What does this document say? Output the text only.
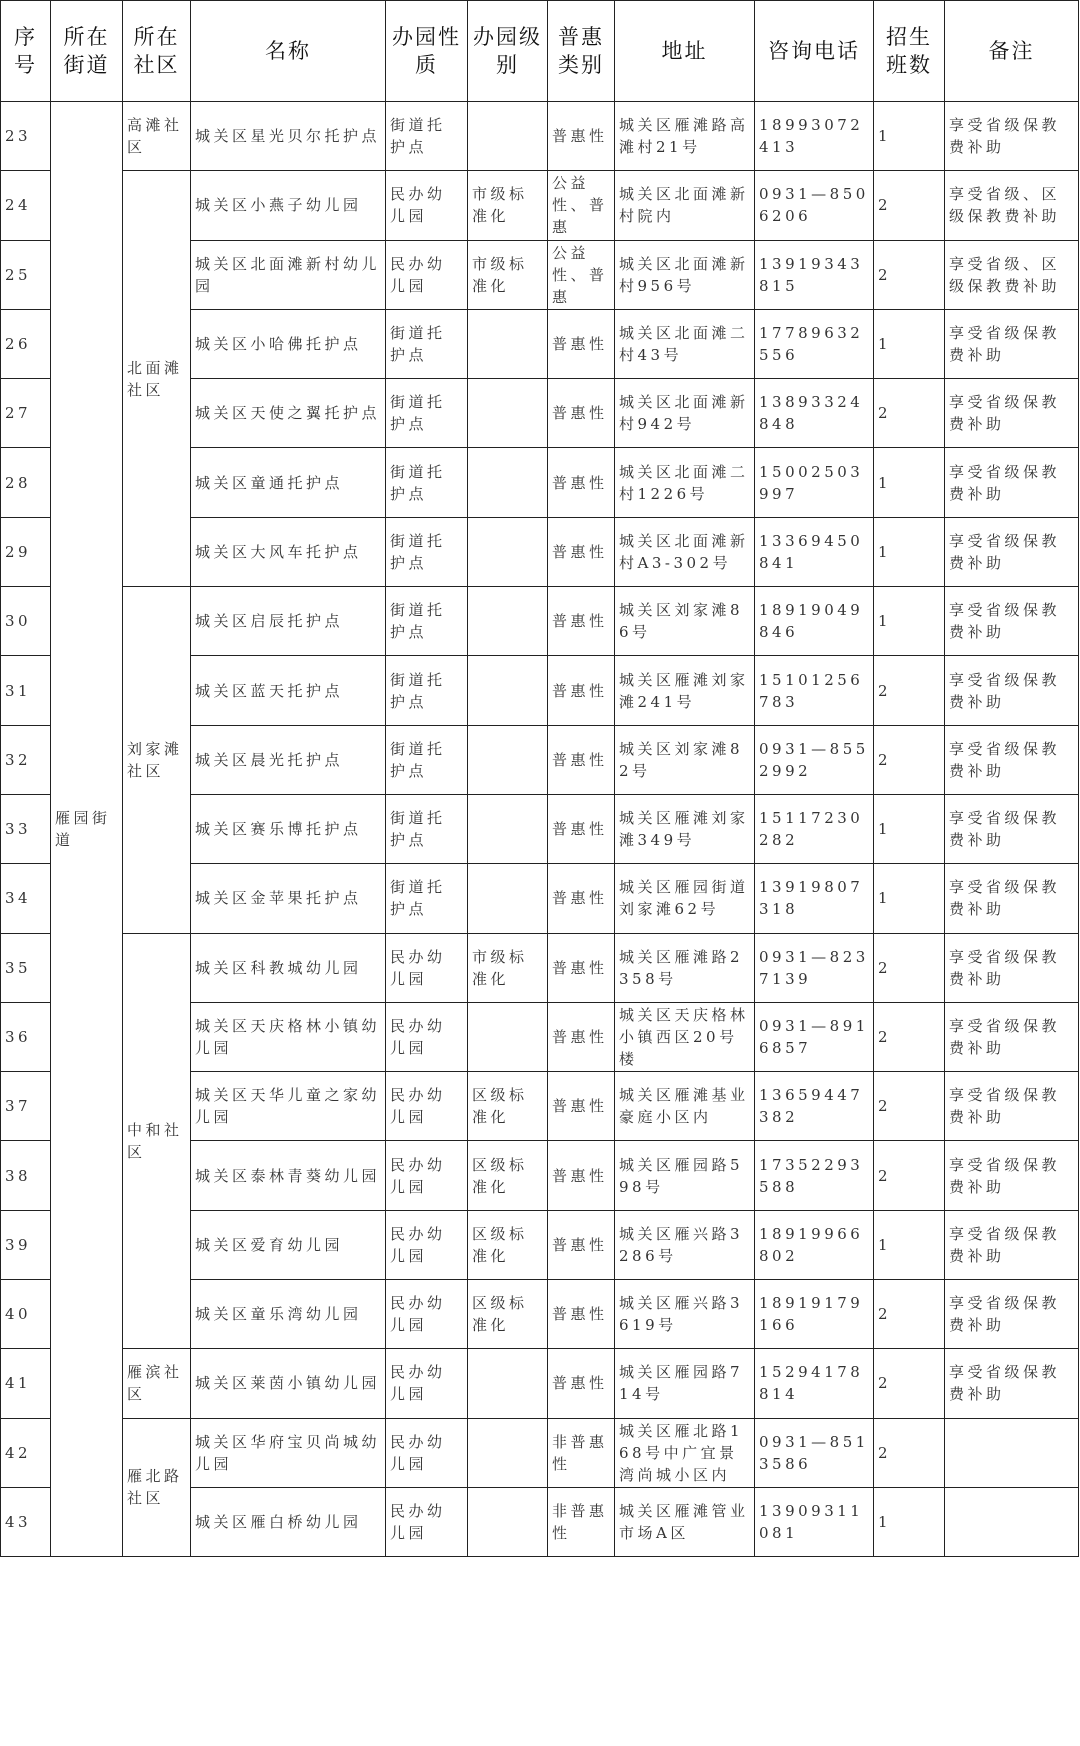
序号	所在街道	所在社区	名称	办园性质	办园级别	普惠类别	地址	咨询电话	招生班数	备注
23	雁园街道	高滩社区	城关区星光贝尔托护点	街道托护点		普惠性	城关区雁滩路高滩村21号	18993072413	1	享受省级保教费补助
24		北面滩社区	城关区小燕子幼儿园	民办幼儿园	市级标准化	公益性、普惠	城关区北面滩新村院内	0931—8506206	2	享受省级、区级保教费补助
25			城关区北面滩新村幼儿园	民办幼儿园	市级标准化	公益性、普惠	城关区北面滩新村956号	13919343815	2	享受省级、区级保教费补助
26			城关区小哈佛托护点	街道托护点		普惠性	城关区北面滩二村43号	17789632556	1	享受省级保教费补助
27			城关区天使之翼托护点	街道托护点		普惠性	城关区北面滩新村942号	13893324848	2	享受省级保教费补助
28			城关区童通托护点	街道托护点		普惠性	城关区北面滩二村1226号	15002503997	1	享受省级保教费补助
29			城关区大风车托护点	街道托护点		普惠性	城关区北面滩新村A3-302号	13369450841	1	享受省级保教费补助
30		刘家滩社区	城关区启辰托护点	街道托护点		普惠性	城关区刘家滩86号	18919049846	1	享受省级保教费补助
31			城关区蓝天托护点	街道托护点		普惠性	城关区雁滩刘家滩241号	15101256783	2	享受省级保教费补助
32			城关区晨光托护点	街道托护点		普惠性	城关区刘家滩82号	0931—8552992	2	享受省级保教费补助
33			城关区赛乐博托护点	街道托护点		普惠性	城关区雁滩刘家滩349号	15117230282	1	享受省级保教费补助
34			城关区金苹果托护点	街道托护点		普惠性	城关区雁园街道刘家滩62号	13919807318	1	享受省级保教费补助
35		中和社区	城关区科教城幼儿园	民办幼儿园	市级标准化	普惠性	城关区雁滩路2358号	0931—8237139	2	享受省级保教费补助
36			城关区天庆格林小镇幼儿园	民办幼儿园		普惠性	城关区天庆格林小镇西区20号楼	0931—8916857	2	享受省级保教费补助
37			城关区天华儿童之家幼儿园	民办幼儿园	区级标准化	普惠性	城关区雁滩基业豪庭小区内	13659447382	2	享受省级保教费补助
38			城关区泰林青葵幼儿园	民办幼儿园	区级标准化	普惠性	城关区雁园路598号	17352293588	2	享受省级保教费补助
39			城关区爱育幼儿园	民办幼儿园	区级标准化	普惠性	城关区雁兴路3286号	18919966802	1	享受省级保教费补助
40			城关区童乐湾幼儿园	民办幼儿园	区级标准化	普惠性	城关区雁兴路3619号	18919179166	2	享受省级保教费补助
41		雁滨社区	城关区莱茵小镇幼儿园	民办幼儿园		普惠性	城关区雁园路714号	15294178814	2	享受省级保教费补助
42		雁北路社区	城关区华府宝贝尚城幼儿园	民办幼儿园		非普惠性	城关区雁北路168号中广宜景湾尚城小区内	0931—8513586	2	
43			城关区雁白桥幼儿园	民办幼儿园		非普惠性	城关区雁滩管业市场A区	13909311081	1	
